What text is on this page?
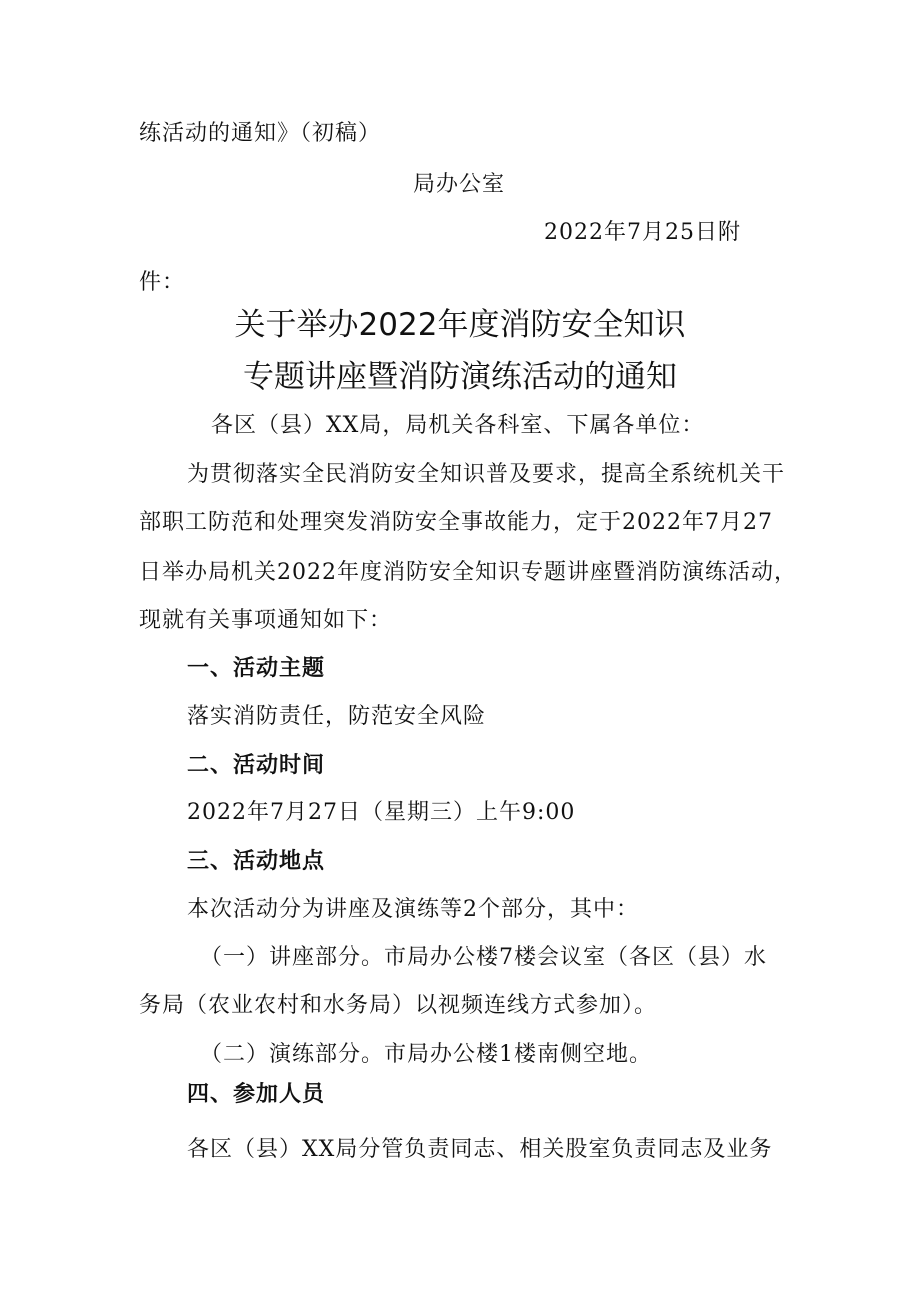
练活动的通知》（初稿）
局办公室
2022年7月25日附
件：
关于举办2022年度消防安全知识
专题讲座暨消防演练活动的通知
各区（县）XX局，局机关各科室、下属各单位：
为贯彻落实全民消防安全知识普及要求，提高全系统机关干
部职工防范和处理突发消防安全事故能力，定于2022年7月27
日举办局机关2022年度消防安全知识专题讲座暨消防演练活动，
现就有关事项通知如下：
一、活动主题
落实消防责任，防范安全风险
二、活动时间
2022年7月27日（星期三）上午9:00
三、活动地点
本次活动分为讲座及演练等2个部分，其中：
（一）讲座部分。市局办公楼7楼会议室（各区（县）水
务局（农业农村和水务局）以视频连线方式参加）。
（二）演练部分。市局办公楼1楼南侧空地。
四、参加人员
各区（县）XX局分管负责同志、相关股室负责同志及业务
